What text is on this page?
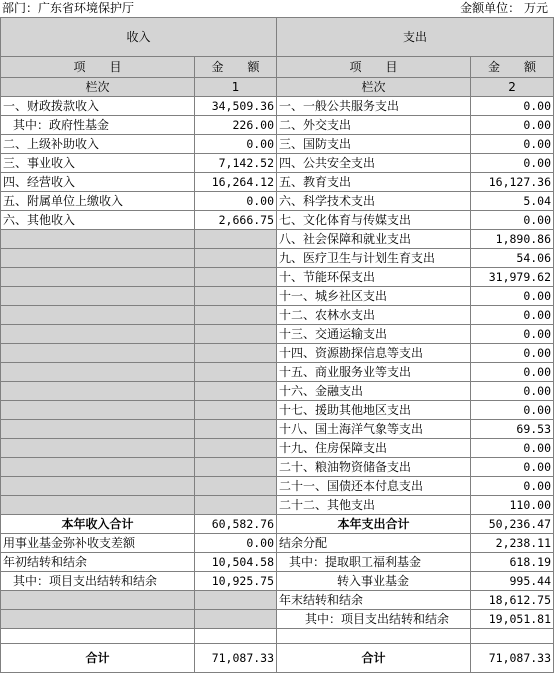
部门：广东省环境保护厅	金额单位： 万元
收入		支出	
项　　目	金　　额	项　　目	金　　额
栏次	1	栏次	2
一、财政拨款收入	34,509.36	一、一般公共服务支出	0.00
其中：政府性基金	226.00	二、外交支出	0.00
二、上级补助收入	0.00	三、国防支出	0.00
三、事业收入	7,142.52	四、公共安全支出	0.00
四、经营收入	16,264.12	五、教育支出	16,127.36
五、附属单位上缴收入	0.00	六、科学技术支出	5.04
六、其他收入	2,666.75	七、文化体育与传媒支出	0.00
		八、社会保障和就业支出	1,890.86
		九、医疗卫生与计划生育支出	54.06
		十、节能环保支出	31,979.62
		十一、城乡社区支出	0.00
		十二、农林水支出	0.00
		十三、交通运输支出	0.00
		十四、资源勘探信息等支出	0.00
		十五、商业服务业等支出	0.00
		十六、金融支出	0.00
		十七、援助其他地区支出	0.00
		十八、国土海洋气象等支出	69.53
		十九、住房保障支出	0.00
		二十、粮油物资储备支出	0.00
		二十一、国债还本付息支出	0.00
		二十二、其他支出	110.00
本年收入合计	60,582.76	本年支出合计	50,236.47
用事业基金弥补收支差额	0.00	结余分配	2,238.11
年初结转和结余	10,504.58	其中：提取职工福利基金	618.19
其中：项目支出结转和结余	10,925.75	转入事业基金	995.44
		年末结转和结余	18,612.75
		其中：项目支出结转和结余	19,051.81

合计	71,087.33	合计	71,087.33
